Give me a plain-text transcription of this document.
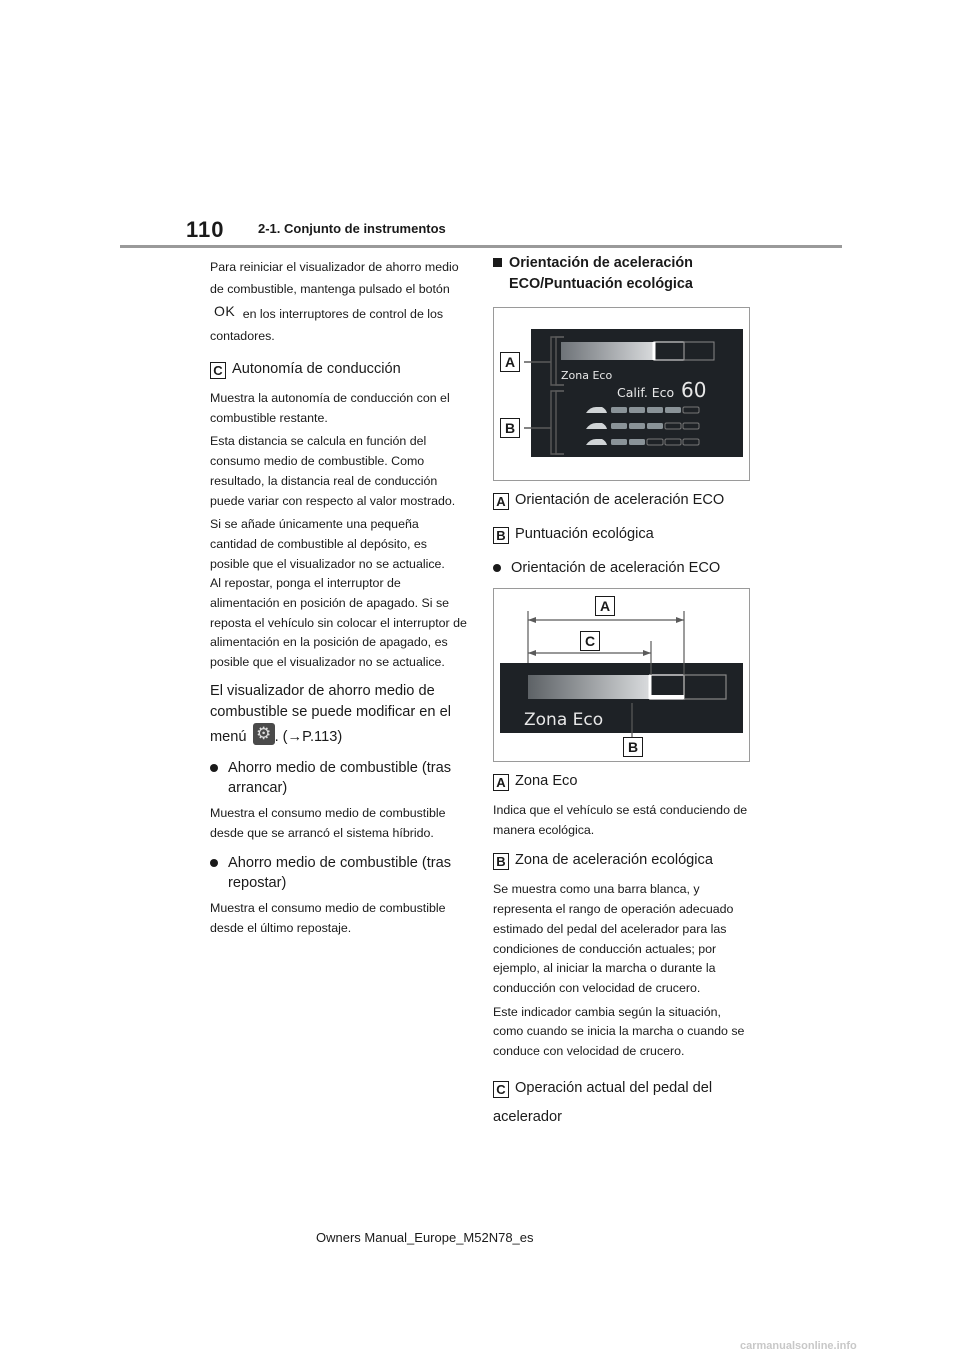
110	2-1. Conjunto de instrumentos

Para reiniciar el visualizador de ahorro medio de combustible, mantenga pulsado el botón OK en los interruptores de control de los contadores.

C Autonomía de conducción

Muestra la autonomía de conducción con el combustible restante.

Esta distancia se calcula en función del consumo medio de combustible. Como resultado, la distancia real de conducción puede variar con respecto al valor mostrado.

Si se añade únicamente una pequeña cantidad de combustible al depósito, es posible que el visualizador no se actualice.

Al repostar, ponga el interruptor de alimentación en posición de apagado. Si se reposta el vehículo sin colocar el interruptor de alimentación en la posición de apagado, es posible que el visualizador no se actualice.

El visualizador de ahorro medio de combustible se puede modificar en el menú ⚙ . (→P.113)

Ahorro medio de combustible (tras arrancar)

Muestra el consumo medio de combustible desde que se arrancó el sistema híbrido.

Ahorro medio de combustible (tras repostar)

Muestra el consumo medio de combustible desde el último repostaje.

Orientación de aceleración ECO/Puntuación ecológica
Zona Eco
Calif. Eco 60
A
B
A Orientación de aceleración ECO
B Puntuación ecológica
Orientación de aceleración ECO
Zona Eco
A
C
B
A Zona Eco

Indica que el vehículo se está conduciendo de manera ecológica.

B Zona de aceleración ecológica

Se muestra como una barra blanca, y representa el rango de operación adecuado estimado del pedal del acelerador para las condiciones de conducción actuales; por ejemplo, al iniciar la marcha o durante la conducción con velocidad de crucero.

Este indicador cambia según la situación, como cuando se inicia la marcha o cuando se conduce con velocidad de crucero.

C Operación actual del pedal del acelerador
Owners Manual_Europe_M52N78_es
carmanualsonline.info
